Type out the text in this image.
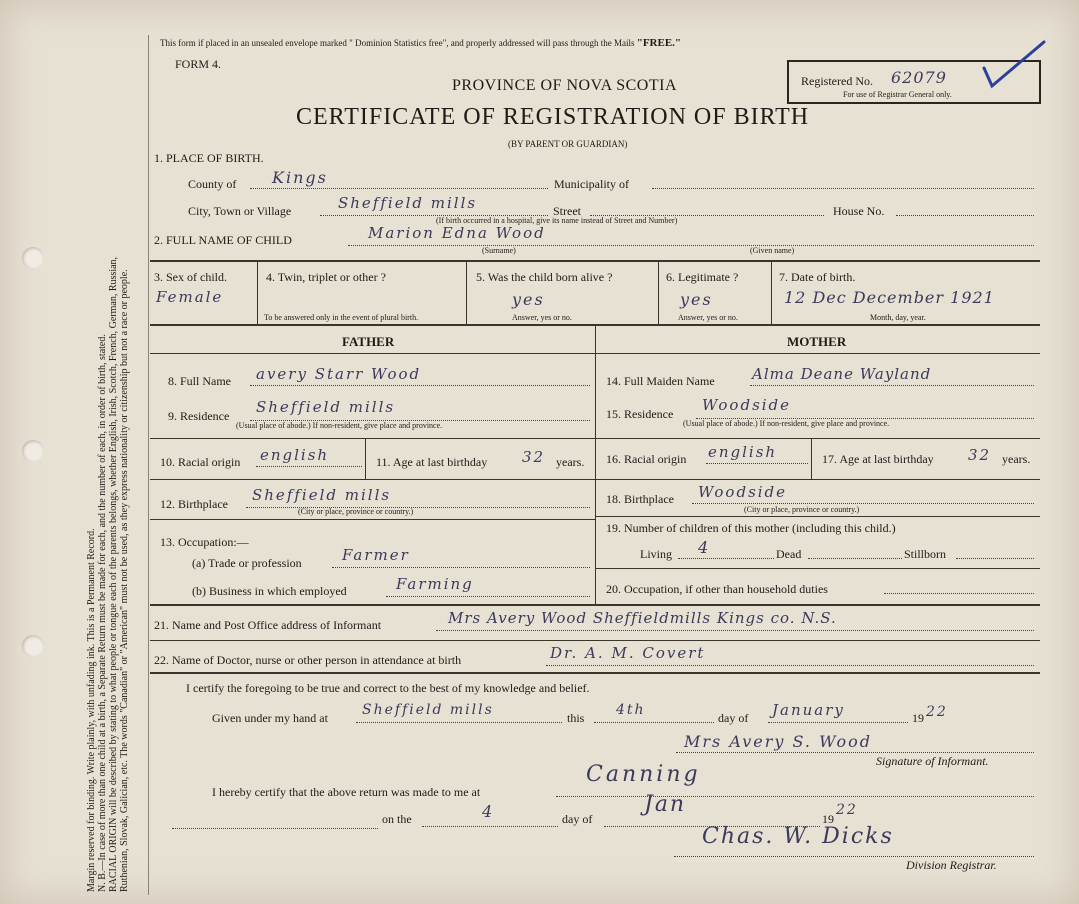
Margin reserved for binding. Write plainly, with unfading ink. This is a Permanent Record. N. B.—In case of more than one child at a birth, a Separate Return must be made for each, and the number of each, in order of birth, stated. RACIAL ORIGIN will be described by stating to what people or tongue each of the parents belongs, whether English, Irish, Scotch, French, German, Russian, Ruthenian, Slovak, Galician, etc. The words "Canadian" or "American" must not be used, as they express nationality or citizenship but not a race or people.
This form if placed in an unsealed envelope marked " Dominion Statistics free", and properly addressed will pass through the Mails "FREE."
FORM 4.
PROVINCE OF NOVA SCOTIA
CERTIFICATE OF REGISTRATION OF BIRTH
(BY PARENT OR GUARDIAN)
Registered No. 62079
For use of Registrar General only.
1. PLACE OF BIRTH.
County of	Kings	Municipality of
City, Town or Village	Sheffield mills	Street
(If birth occurred in a hospital, give its name instead of Street and Number)
House No.
2. FULL NAME OF CHILD	Marion Edna Wood
(Surname)	(Given name)
3. Sex of child.
Female
4. Twin, triplet or other ?
To be answered only in the event of plural birth.
5. Was the child born alive ?
yes
Answer, yes or no.
6. Legitimate ?
yes
Answer, yes or no.
7. Date of birth.
12 Dec December 1921
Month, day, year.
FATHER	MOTHER
8. Full Name	avery Starr Wood
9. Residence	Sheffield mills
(Usual place of abode.) If non-resident, give place and province.
10. Racial origin english	11. Age at last birthday 32 years.
12. Birthplace	Sheffield mills
(City or place, province or country.)
13. Occupation:—
(a) Trade or profession	Farmer
(b) Business in which employed	Farming
14. Full Maiden Name Alma Deane Wayland
15. Residence	Woodside
(Usual place of abode.) If non-resident, give place and province.
16. Racial origin english	17. Age at last birthday 32 years.
18. Birthplace	Woodside
(City or place, province or country.)
19. Number of children of this mother (including this child.)
Living	4	Dead	Stillborn
20. Occupation, if other than household duties
21. Name and Post Office address of Informant	Mrs Avery Wood Sheffieldmills Kings co. N.S.
22. Name of Doctor, nurse or other person in attendance at birth	Dr. A. M. Covert
I certify the foregoing to be true and correct to the best of my knowledge and belief.
Given under my hand at	Sheffield mills	this	4th	day of January	19 22
Mrs Avery S. Wood
Signature of Informant.
I hereby certify that the above return was made to me at
Canning
on the	4	day of
Jan
19
22
Chas. W. Dicks
Division Registrar.
